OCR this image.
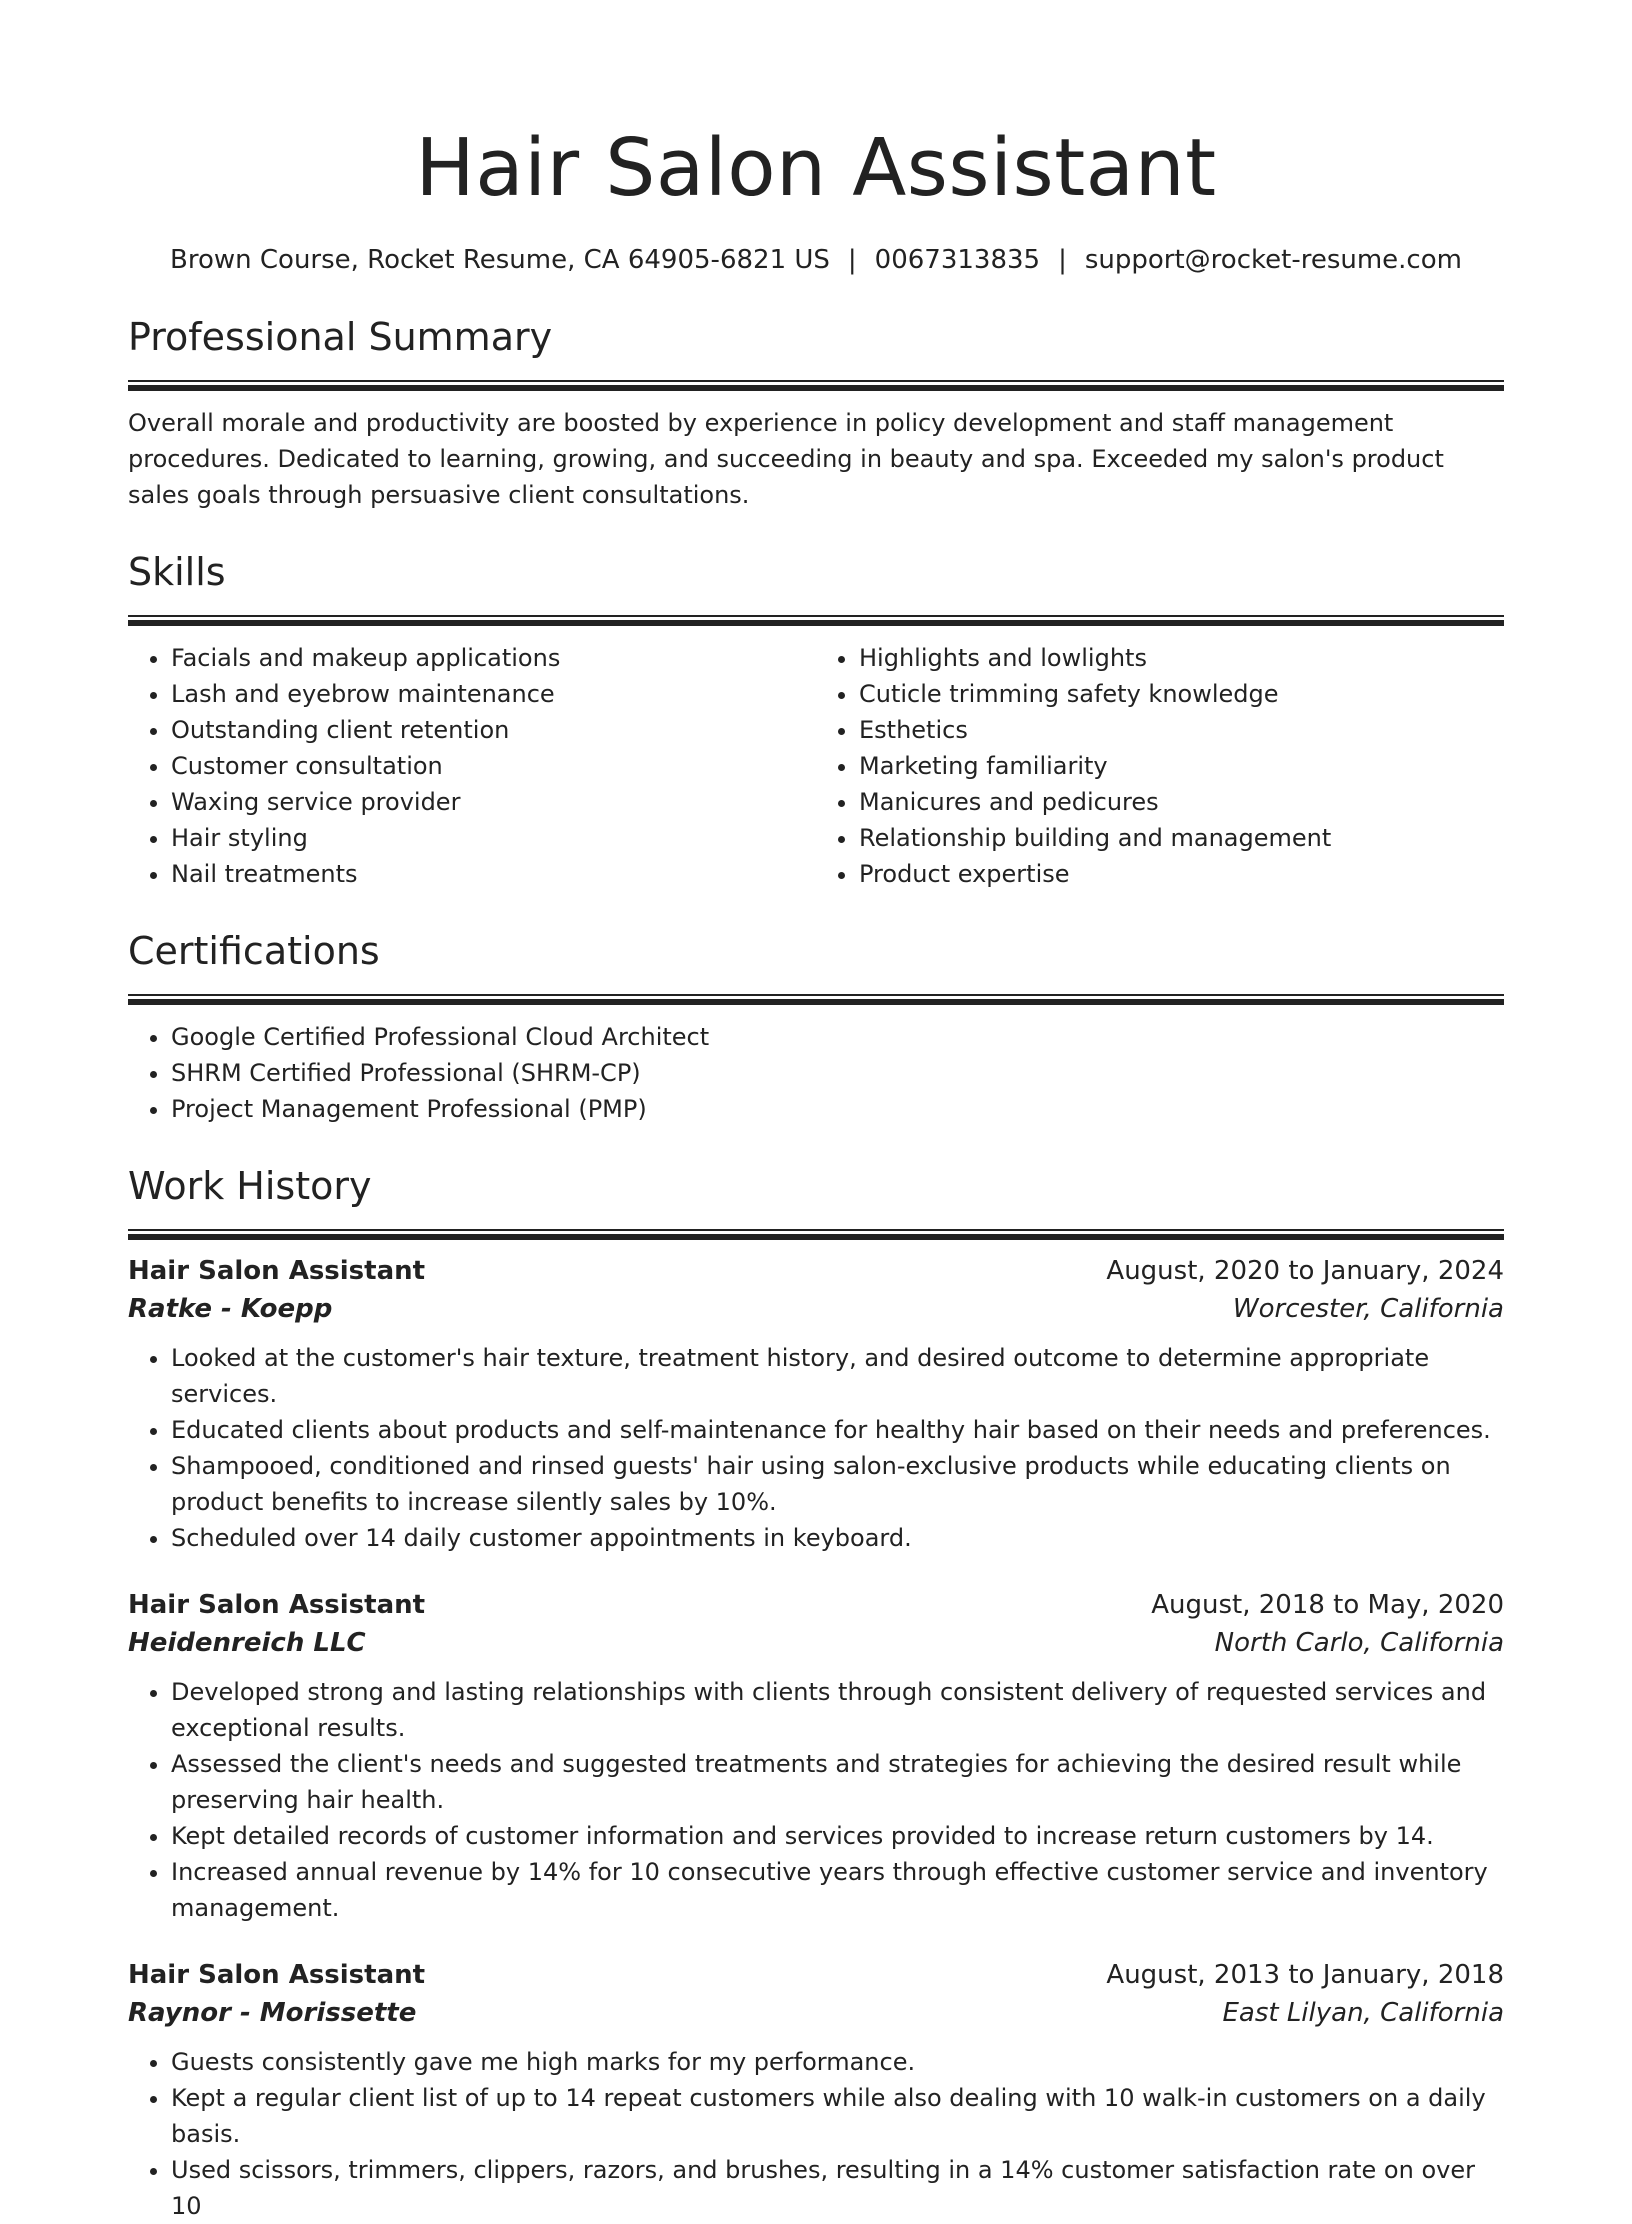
Hair Salon Assistant
Brown Course, Rocket Resume, CA 64905-6821 US | 0067313835 | support@rocket-resume.com
Professional Summary

Overall morale and productivity are boosted by experience in policy development and staff management procedures. Dedicated to learning, growing, and succeeding in beauty and spa. Exceeded my salon's product sales goals through persuasive client consultations.

Skills
• Facials and makeup applications
• Lash and eyebrow maintenance
• Outstanding client retention
• Customer consultation
• Waxing service provider
• Hair styling
• Nail treatments
• Highlights and lowlights
• Cuticle trimming safety knowledge
• Esthetics
• Marketing familiarity
• Manicures and pedicures
• Relationship building and management
• Product expertise
Certifications
• Google Certified Professional Cloud Architect
• SHRM Certified Professional (SHRM-CP)
• Project Management Professional (PMP)
Work History
Hair Salon Assistant	August, 2020 to January, 2024
Ratke - Koepp	Worcester, California
• Looked at the customer's hair texture, treatment history, and desired outcome to determine appropriate services.
• Educated clients about products and self-maintenance for healthy hair based on their needs and preferences.
• Shampooed, conditioned and rinsed guests' hair using salon-exclusive products while educating clients on product benefits to increase silently sales by 10%.
• Scheduled over 14 daily customer appointments in keyboard.
Hair Salon Assistant	August, 2018 to May, 2020
Heidenreich LLC	North Carlo, California
• Developed strong and lasting relationships with clients through consistent delivery of requested services and exceptional results.
• Assessed the client's needs and suggested treatments and strategies for achieving the desired result while preserving hair health.
• Kept detailed records of customer information and services provided to increase return customers by 14.
• Increased annual revenue by 14% for 10 consecutive years through effective customer service and inventory management.
Hair Salon Assistant	August, 2013 to January, 2018
Raynor - Morissette	East Lilyan, California
• Guests consistently gave me high marks for my performance.
• Kept a regular client list of up to 14 repeat customers while also dealing with 10 walk-in customers on a daily basis.
• Used scissors, trimmers, clippers, razors, and brushes, resulting in a 14% customer satisfaction rate on over 10
